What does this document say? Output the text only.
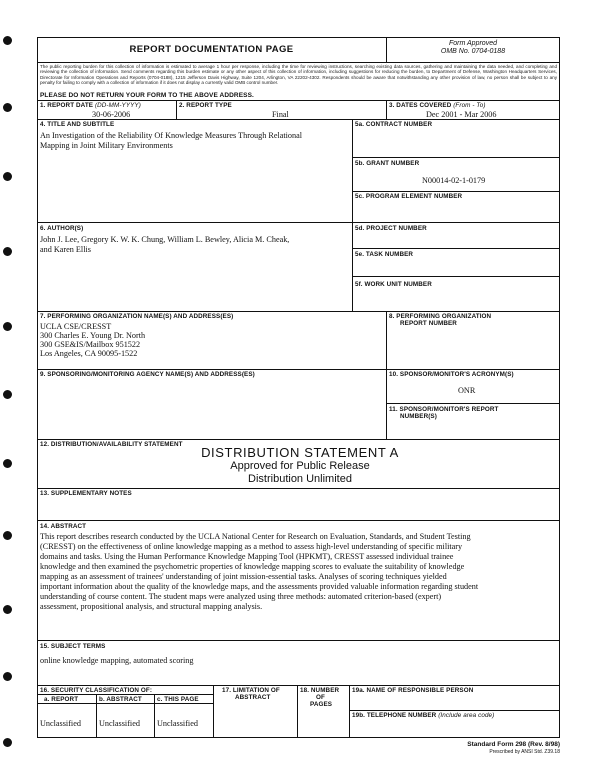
REPORT DOCUMENTATION PAGE
Form Approved
OMB No. 0704-0188
The public reporting burden for this collection of information is estimated to average 1 hour per response, including the time for reviewing instructions, searching existing data sources, gathering and maintaining the data needed, and completing and reviewing the collection of information. Send comments regarding this burden estimate or any other aspect of this collection of information, including suggestions for reducing the burden, to Department of Defense, Washington Headquarters Services, Directorate for Information Operations and Reports (0704-0188), 1215 Jefferson Davis Highway, Suite 1204, Arlington, VA 22202-4302. Respondents should be aware that notwithstanding any other provision of law, no person shall be subject to any penalty for failing to comply with a collection of information if it does not display a currently valid OMB control number.
PLEASE DO NOT RETURN YOUR FORM TO THE ABOVE ADDRESS.
1. REPORT DATE (DD-MM-YYYY)
30-06-2006
2. REPORT TYPE
Final
3. DATES COVERED (From - To)
Dec 2001 - Mar 2006
4. TITLE AND SUBTITLE
An Investigation of the Reliability Of Knowledge Measures Through Relational
Mapping in Joint Military Environments
5a. CONTRACT NUMBER
5b. GRANT NUMBER
N00014-02-1-0179
5c. PROGRAM ELEMENT NUMBER
6. AUTHOR(S)
John J. Lee, Gregory K. W. K. Chung, William L. Bewley, Alicia M. Cheak,
and Karen Ellis
5d. PROJECT NUMBER
5e. TASK NUMBER
5f. WORK UNIT NUMBER
7. PERFORMING ORGANIZATION NAME(S) AND ADDRESS(ES)
UCLA CSE/CRESST
300 Charles E. Young Dr. North
300 GSE&IS/Mailbox 951522
Los Angeles, CA 90095-1522
8. PERFORMING ORGANIZATION
REPORT NUMBER
9. SPONSORING/MONITORING AGENCY NAME(S) AND ADDRESS(ES)	10. SPONSOR/MONITOR'S ACRONYM(S)
ONR
11. SPONSOR/MONITOR'S REPORT
NUMBER(S)
12. DISTRIBUTION/AVAILABILITY STATEMENT
DISTRIBUTION STATEMENT A
Approved for Public Release
Distribution Unlimited
13. SUPPLEMENTARY NOTES
14. ABSTRACT
This report describes research conducted by the UCLA National Center for Research on Evaluation, Standards, and Student Testing
(CRESST) on the effectiveness of online knowledge mapping as a method to assess high-level understanding of specific military
domains and tasks. Using the Human Performance Knowledge Mapping Tool (HPKMT), CRESST assessed individual trainee
knowledge and then examined the psychometric properties of knowledge mapping scores to evaluate the suitability of knowledge
mapping as an assessment of trainees' understanding of joint mission-essential tasks. Analyses of scoring techniques yielded
important information about the quality of the knowledge maps, and the assessments provided valuable information regarding student
understanding of course content. The student maps were analyzed using three methods: automated criterion-based (expert)
assessment, propositional analysis, and structural mapping analysis.
15. SUBJECT TERMS
online knowledge mapping, automated scoring
16. SECURITY CLASSIFICATION OF:
a. REPORT	b. ABSTRACT c. THIS PAGE
Unclassified Unclassified Unclassified
17. LIMITATION OF
ABSTRACT
18. NUMBER
OF
PAGES
19a. NAME OF RESPONSIBLE PERSON
19b. TELEPHONE NUMBER (Include area code)
Standard Form 298 (Rev. 8/98)
Prescribed by ANSI Std. Z39.18
